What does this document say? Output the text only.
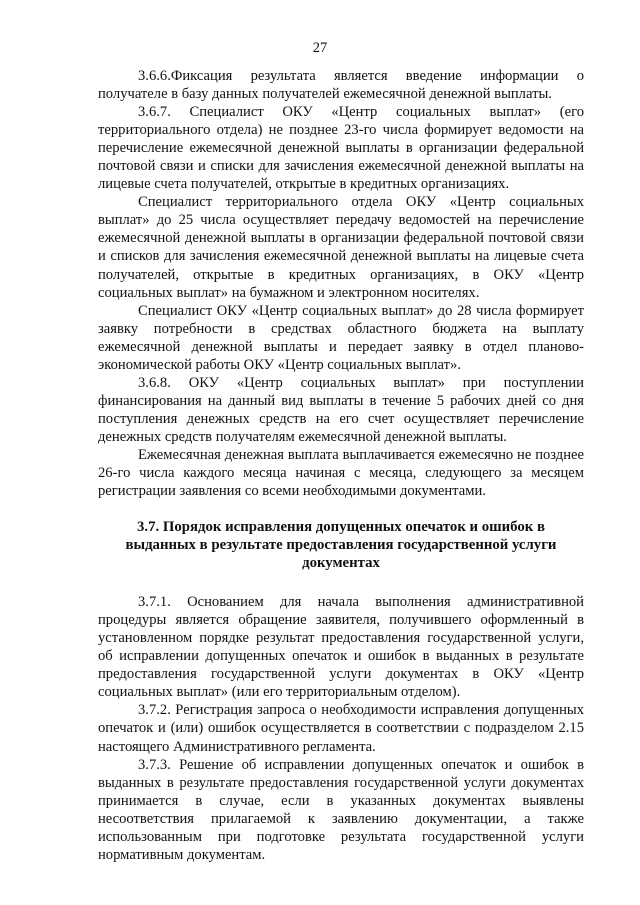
27

3.6.6.Фиксация результата является введение информации о получателе в базу данных получателей ежемесячной денежной выплаты.

3.6.7. Специалист ОКУ «Центр социальных выплат» (его территориального отдела) не позднее 23-го числа формирует ведомости на перечисление ежемесячной денежной выплаты в организации федеральной почтовой связи и списки для зачисления ежемесячной денежной выплаты на лицевые счета получателей, открытые в кредитных организациях.

Специалист территориального отдела ОКУ «Центр социальных выплат» до 25 числа осуществляет передачу ведомостей на перечисление ежемесячной денежной выплаты в организации федеральной почтовой связи и списков для зачисления ежемесячной денежной выплаты на лицевые счета получателей, открытые в кредитных организациях, в ОКУ «Центр социальных выплат» на бумажном и электронном носителях.

Специалист ОКУ «Центр социальных выплат» до 28 числа формирует заявку потребности в средствах областного бюджета на выплату ежемесячной денежной выплаты и передает заявку в отдел планово-экономической работы ОКУ «Центр социальных выплат».

3.6.8. ОКУ «Центр социальных выплат» при поступлении финансирования на данный вид выплаты в течение 5 рабочих дней со дня поступления денежных средств на его счет осуществляет перечисление денежных средств получателям ежемесячной денежной выплаты.

Ежемесячная денежная выплата выплачивается ежемесячно не позднее 26-го числа каждого месяца начиная с месяца, следующего за месяцем регистрации заявления со всеми необходимыми документами.

3.7. Порядок исправления допущенных опечаток и ошибок в
выданных в результате предоставления государственной услуги
документах

3.7.1. Основанием для начала выполнения административной процедуры является обращение заявителя, получившего оформленный в установленном порядке результат предоставления государственной услуги, об исправлении допущенных опечаток и ошибок в выданных в результате предоставления государственной услуги документах в ОКУ «Центр социальных выплат» (или его территориальным отделом).

3.7.2. Регистрация запроса о необходимости исправления допущенных опечаток и (или) ошибок осуществляется в соответствии с подразделом 2.15 настоящего Административного регламента.

3.7.3. Решение об исправлении допущенных опечаток и ошибок в выданных в результате предоставления государственной услуги документах принимается в случае, если в указанных документах выявлены несоответствия прилагаемой к заявлению документации, а также использованным при подготовке результата государственной услуги нормативным документам.
